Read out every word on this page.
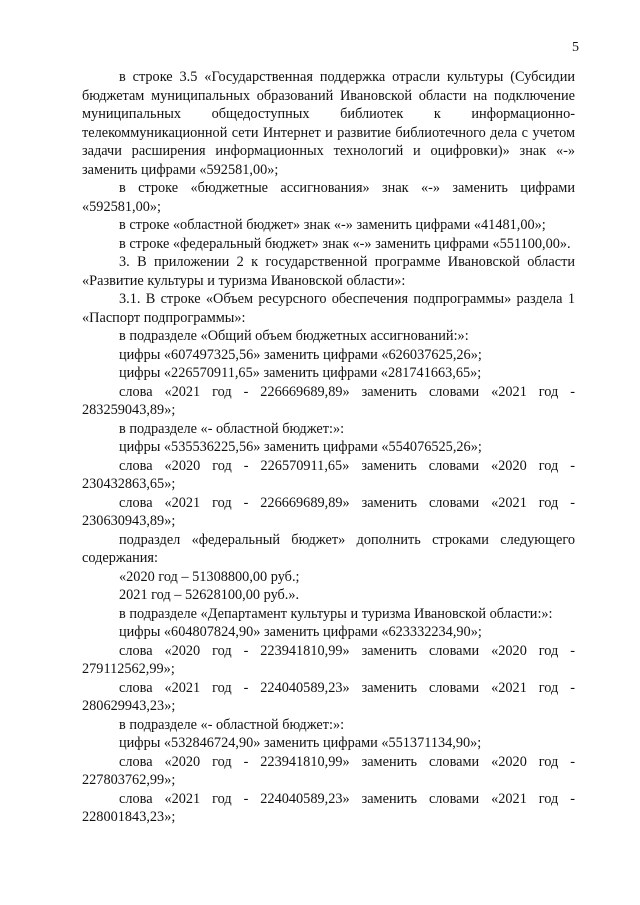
5

в строке 3.5 «Государственная поддержка отрасли культуры (Субсидии бюджетам муниципальных образований Ивановской области на подключение муниципальных общедоступных библиотек к информационно-телекоммуникационной сети Интернет и развитие библиотечного дела с учетом задачи расширения информационных технологий и оцифровки)» знак «-» заменить цифрами «592581,00»;

в строке «бюджетные ассигнования» знак «-» заменить цифрами «592581,00»;

в строке «областной бюджет» знак «-» заменить цифрами «41481,00»;

в строке «федеральный бюджет» знак «-» заменить цифрами «551100,00».

3. В приложении 2 к государственной программе Ивановской области «Развитие культуры и туризма Ивановской области»:

3.1. В строке «Объем ресурсного обеспечения подпрограммы» раздела 1 «Паспорт подпрограммы»:

в подразделе «Общий объем бюджетных ассигнований:»:

цифры «607497325,56» заменить цифрами «626037625,26»;

цифры «226570911,65» заменить цифрами «281741663,65»;

слова «2021 год - 226669689,89» заменить словами «2021 год - 283259043,89»;

в подразделе «- областной бюджет:»:

цифры «535536225,56» заменить цифрами «554076525,26»;

слова «2020 год - 226570911,65» заменить словами «2020 год - 230432863,65»;

слова «2021 год - 226669689,89» заменить словами «2021 год - 230630943,89»;

подраздел «федеральный бюджет» дополнить строками следующего содержания:

«2020 год – 51308800,00 руб.;

2021 год – 52628100,00 руб.».

в подразделе «Департамент культуры и туризма Ивановской области:»:

цифры «604807824,90» заменить цифрами «623332234,90»;

слова «2020 год - 223941810,99» заменить словами «2020 год - 279112562,99»;

слова «2021 год - 224040589,23» заменить словами «2021 год - 280629943,23»;

в подразделе «- областной бюджет:»:

цифры «532846724,90» заменить цифрами «551371134,90»;

слова «2020 год - 223941810,99» заменить словами «2020 год - 227803762,99»;

слова «2021 год - 224040589,23» заменить словами «2021 год - 228001843,23»;
